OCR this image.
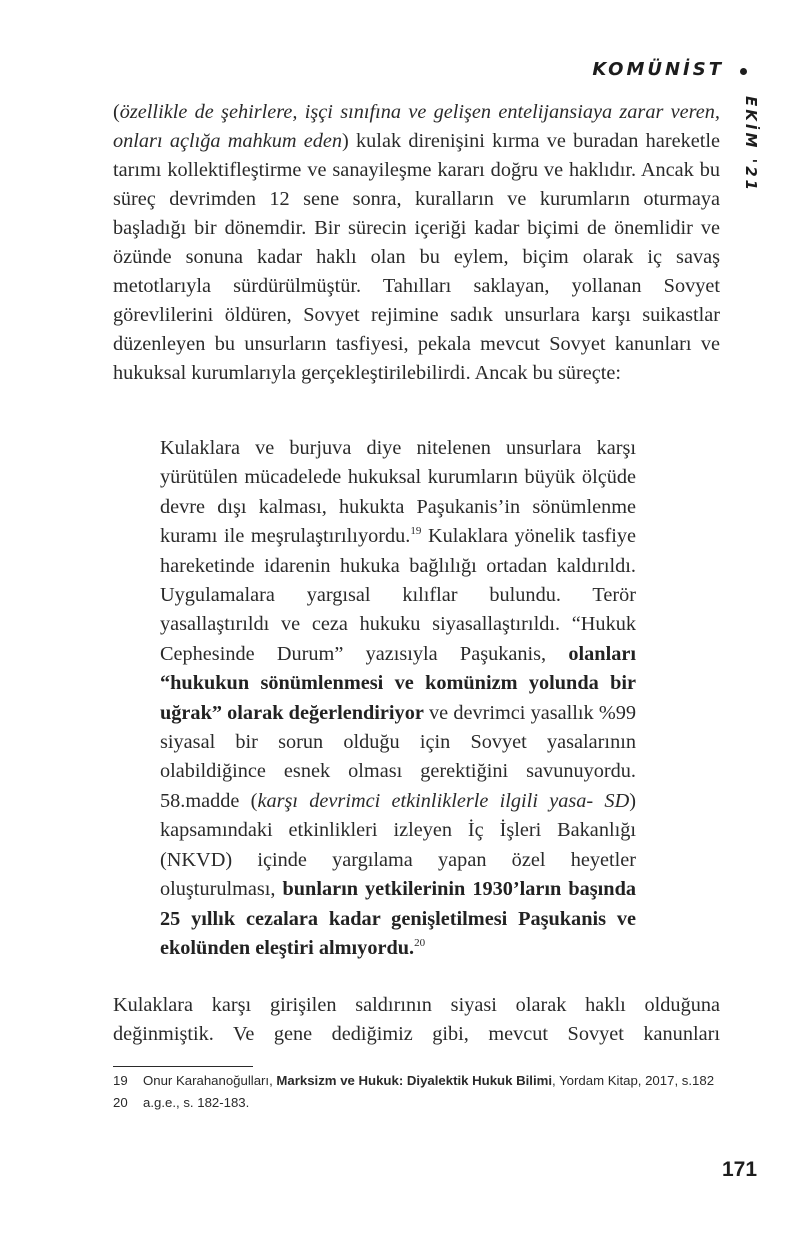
KOMÜNİST
EKİM '21

(özellikle de şehirlere, işçi sınıfına ve gelişen entelijansiaya zarar veren, onları açlığa mahkum eden) kulak direnişini kırma ve buradan hareketle tarımı kollektifleştirme ve sanayileşme kararı doğru ve haklıdır. Ancak bu süreç devrimden 12 sene sonra, kuralların ve kurumların oturmaya başladığı bir dönemdir. Bir sürecin içeriği kadar biçimi de önemlidir ve özünde sonuna kadar haklı olan bu eylem, biçim olarak iç savaş metotlarıyla sürdürülmüştür. Tahılları saklayan, yollanan Sovyet görevlilerini öldüren, Sovyet rejimine sadık unsurlara karşı suikastlar düzenleyen bu unsurların tasfiyesi, pekala mevcut Sovyet kanunları ve hukuksal kurumlarıyla gerçekleştirilebilirdi. Ancak bu süreçte:

Kulaklara ve burjuva diye nitelenen unsurlara karşı yürütülen mücadelede hukuksal kurumların büyük ölçüde devre dışı kalması, hukukta Paşukanis’in sönümlenme kuramı ile meşrulaştırılıyordu.$^{19}$ Kulaklara yönelik tasfiye hareketinde idarenin hukuka bağlılığı ortadan kaldırıldı. Uygulamalara yargısal kılıflar bulundu. Terör yasallaştırıldı ve ceza hukuku siyasallaştırıldı. “Hukuk Cephesinde Durum” yazısıyla Paşukanis, olanları “hukukun sönümlenmesi ve komünizm yolunda bir uğrak” olarak değerlendiriyor ve devrimci yasallık %99 siyasal bir sorun olduğu için Sovyet yasalarının olabildiğince esnek olması gerektiğini savunuyordu. 58.madde (karşı devrimci etkinliklerle ilgili yasa- SD) kapsamındaki etkinlikleri izleyen İç İşleri Bakanlığı (NKVD) içinde yargılama yapan özel heyetler oluşturulması, bunların yetkilerinin 1930’ların başında 25 yıllık cezalara kadar genişletilmesi Paşukanis ve ekolünden eleştiri almıyordu.$^{20}$

Kulaklara karşı girişilen saldırının siyasi olarak haklı olduğuna değinmiştik. Ve gene dediğimiz gibi, mevcut Sovyet kanunları

19 Onur Karahanoğulları, Marksizm ve Hukuk: Diyalektik Hukuk Bilimi, Yordam Kitap, 2017, s.182

20 a.g.e., s. 182-183.

171
